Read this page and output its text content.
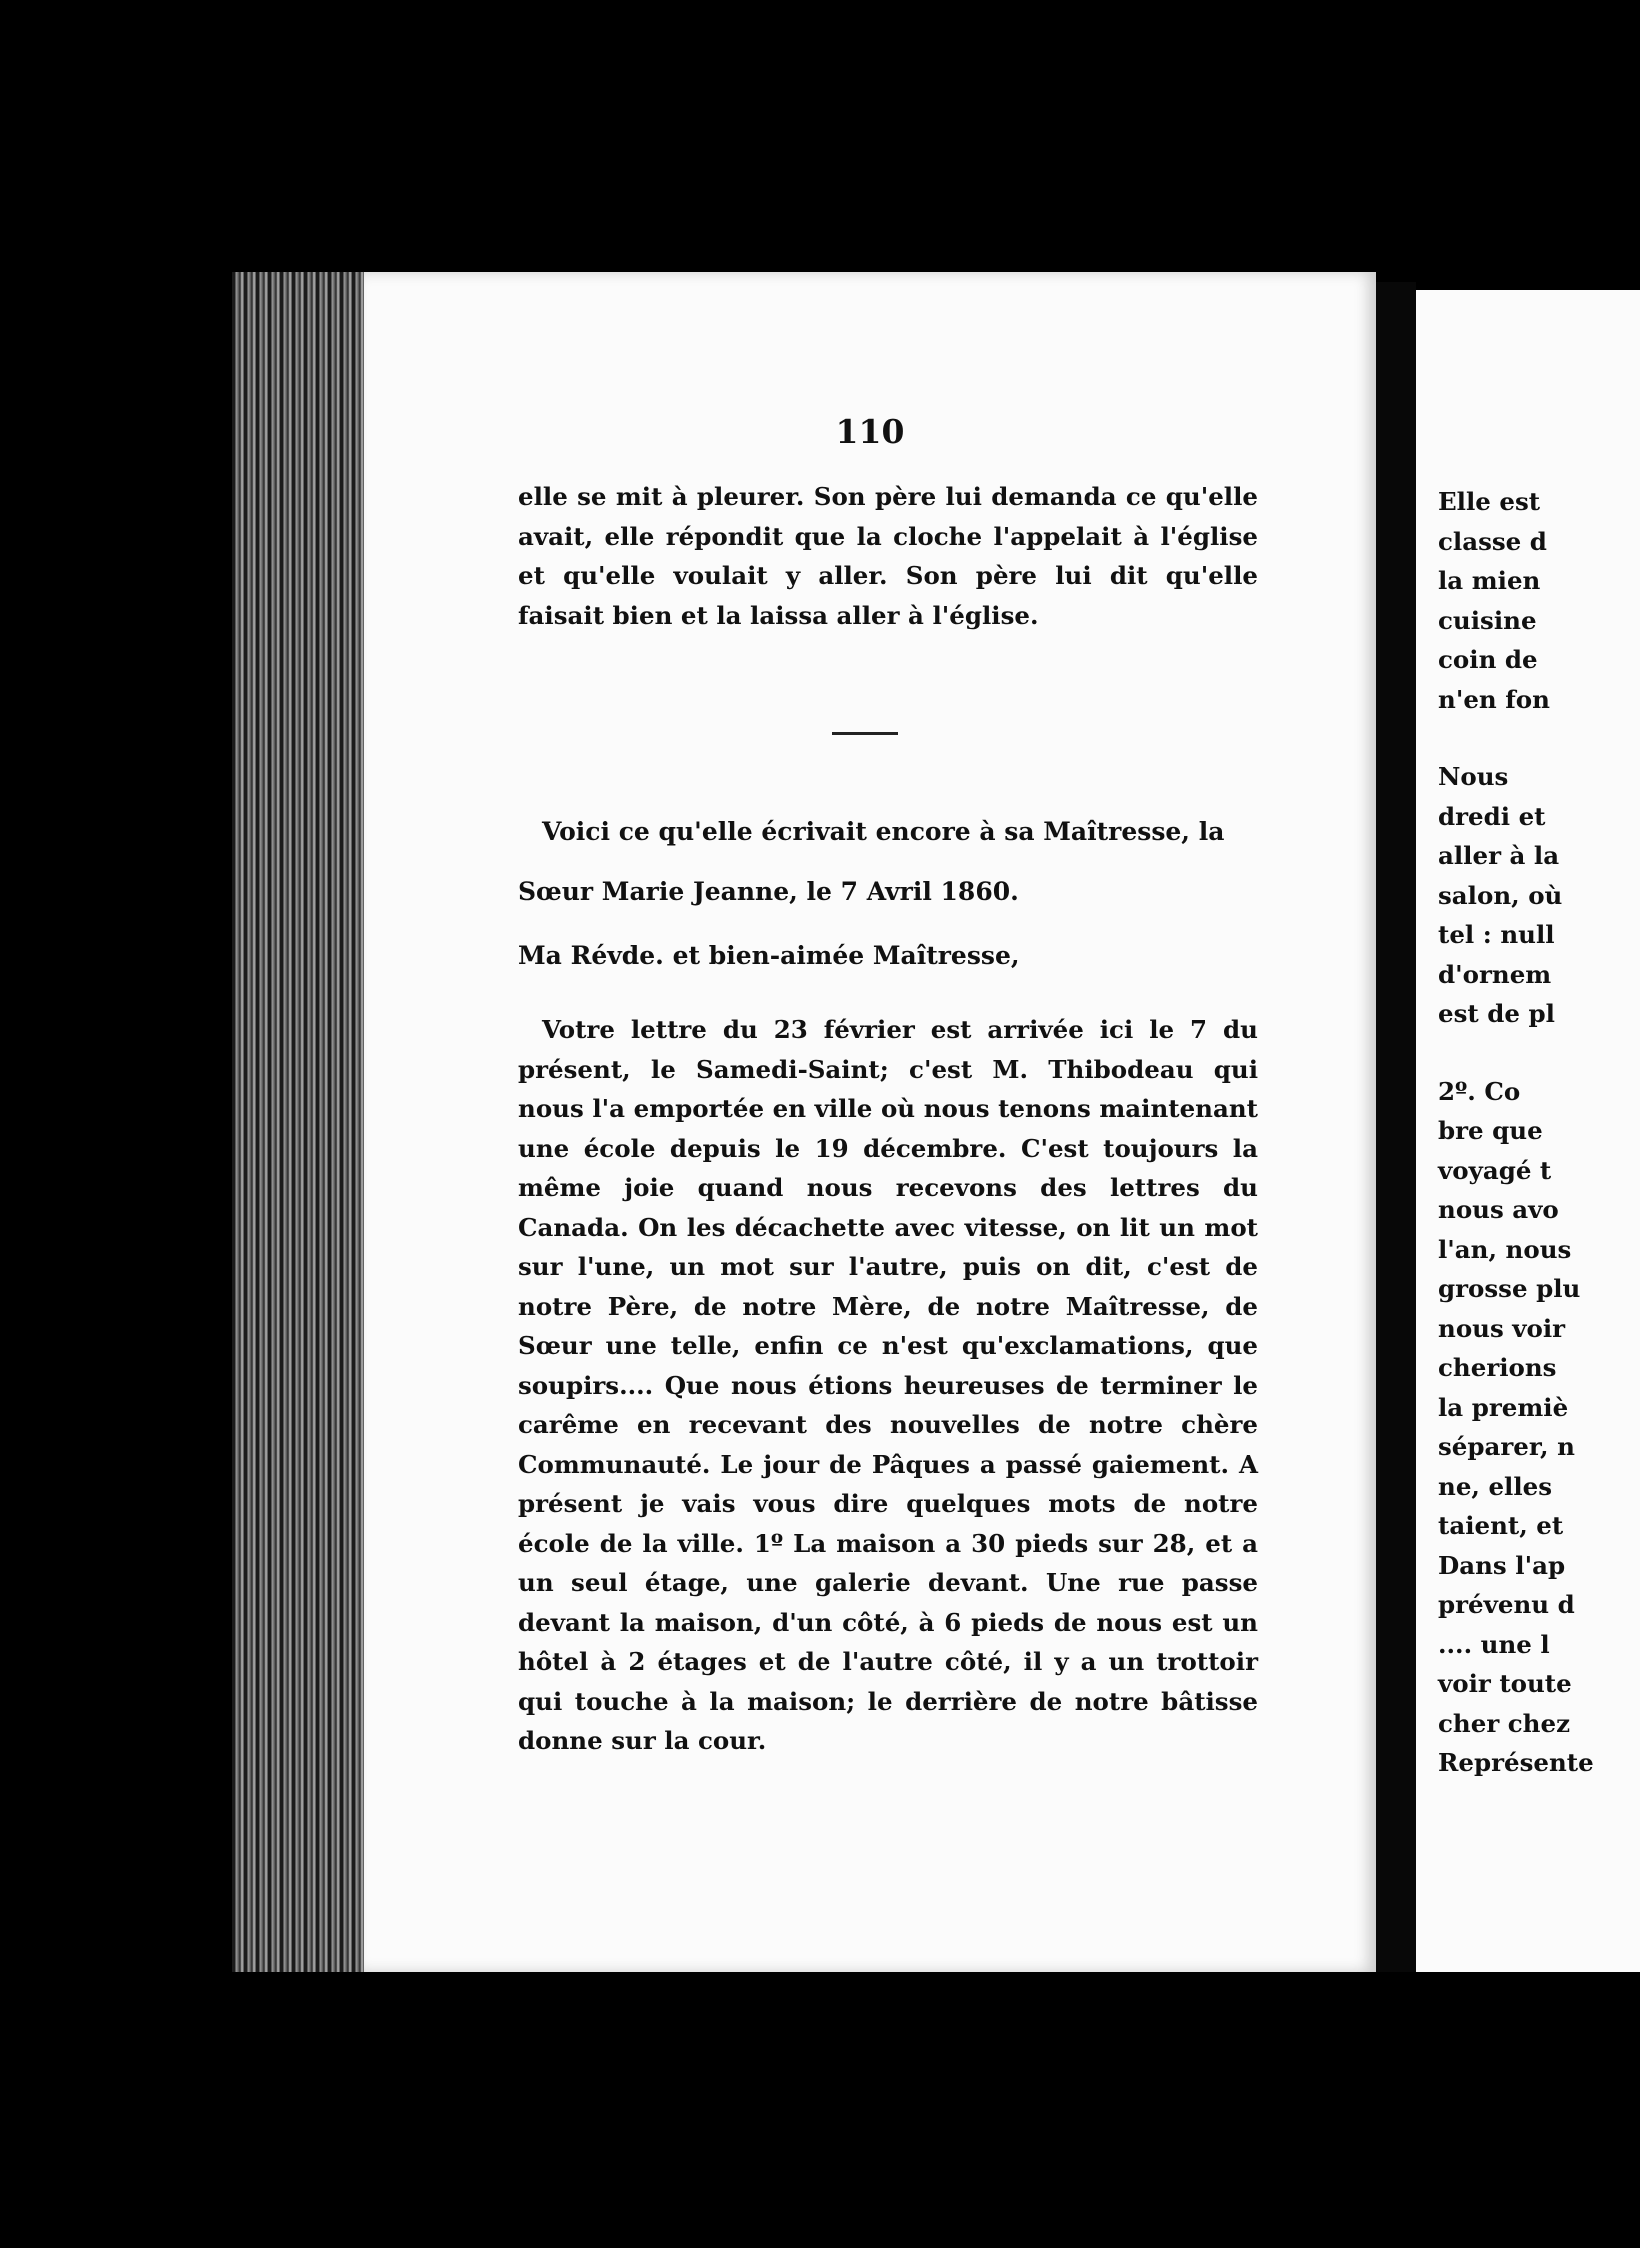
110

elle se mit à pleurer. Son père lui demanda ce qu'elle avait, elle répondit que la cloche l'appelait à l'église et qu'elle voulait y aller. Son père lui dit qu'elle faisait bien et la laissa aller à l'église.

Voici ce qu'elle écrivait encore à sa Maîtresse, la
Sœur Marie Jeanne, le 7 Avril 1860.
Ma Révde. et bien-aimée Maîtresse,

Votre lettre du 23 février est arrivée ici le 7 du présent, le Samedi-Saint; c'est M. Thibodeau qui nous l'a emportée en ville où nous tenons maintenant une école depuis le 19 décembre. C'est toujours la même joie quand nous recevons des lettres du Canada. On les décachette avec vitesse, on lit un mot sur l'une, un mot sur l'autre, puis on dit, c'est de notre Père, de notre Mère, de notre Maîtresse, de Sœur une telle, enfin ce n'est qu'exclamations, que soupirs.... Que nous étions heureuses de terminer le carême en recevant des nouvelles de notre chère Communauté. Le jour de Pâques a passé gaiement. A présent je vais vous dire quelques mots de notre école de la ville. 1º La maison a 30 pieds sur 28, et a un seul étage, une galerie devant. Une rue passe devant la maison, d'un côté, à 6 pieds de nous est un hôtel à 2 étages et de l'autre côté, il y a un trottoir qui touche à la maison; le derrière de notre bâtisse donne sur la cour.

Elle est
classe d
la mien
cuisine
coin de
n'en fon
Nous
dredi et
aller à la
salon, où
tel : null
d'ornem
est de pl
2º. Co
bre que
voyagé t
nous avo
l'an, nous
grosse plu
nous voir
cherions
la premiè
séparer, n
ne, elles
taient, et
Dans l'ap
prévenu d
.... une l
voir toute
cher chez
Représente
